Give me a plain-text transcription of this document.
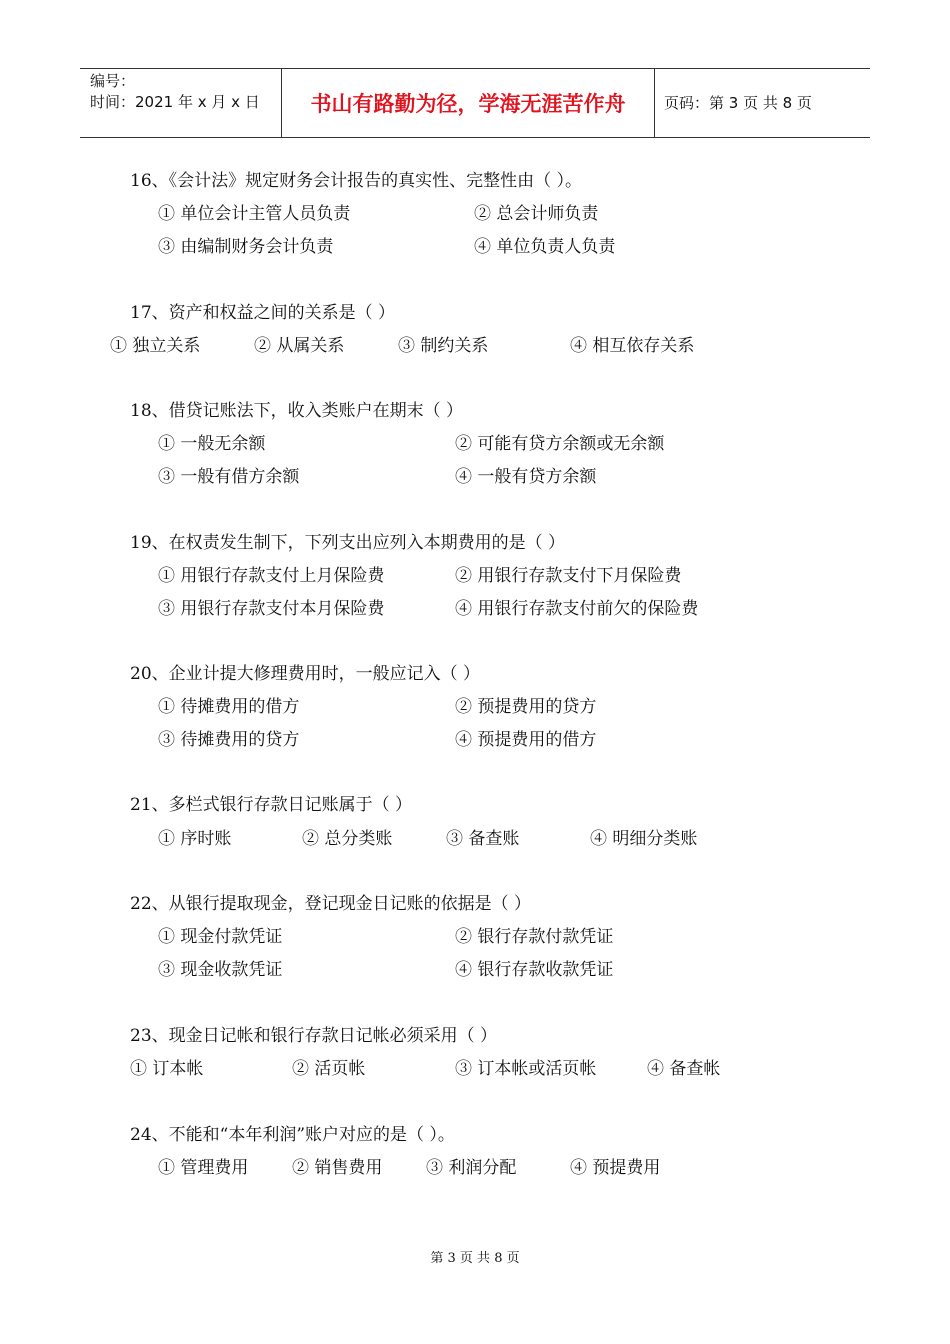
编号：
时间：2021 年 x 月 x 日	书山有路勤为径，学海无涯苦作舟	页码：第 3 页 共 8 页
16、《会计法》规定财务会计报告的真实性、完整性由（ ）。
① 单位会计主管人员负责	② 总会计师负责
③ 由编制财务会计负责	④ 单位负责人负责
17、资产和权益之间的关系是（ ）
① 独立关系	② 从属关系	③ 制约关系	④ 相互依存关系
18、借贷记账法下，收入类账户在期末（ ）
① 一般无余额	② 可能有贷方余额或无余额
③ 一般有借方余额	④ 一般有贷方余额
19、在权责发生制下，下列支出应列入本期费用的是（ ）
① 用银行存款支付上月保险费	② 用银行存款支付下月保险费
③ 用银行存款支付本月保险费	④ 用银行存款支付前欠的保险费
20、企业计提大修理费用时，一般应记入（ ）
① 待摊费用的借方	② 预提费用的贷方
③ 待摊费用的贷方	④ 预提费用的借方
21、多栏式银行存款日记账属于（ ）
① 序时账	② 总分类账	③ 备查账	④ 明细分类账
22、从银行提取现金，登记现金日记账的依据是（ ）
① 现金付款凭证	② 银行存款付款凭证
③ 现金收款凭证	④ 银行存款收款凭证
23、现金日记帐和银行存款日记帐必须采用（ ）
① 订本帐	② 活页帐	③ 订本帐或活页帐	④ 备查帐
24、不能和“本年利润”账户对应的是（ ）。
① 管理费用	② 销售费用	③ 利润分配	④ 预提费用
第 3 页 共 8 页
